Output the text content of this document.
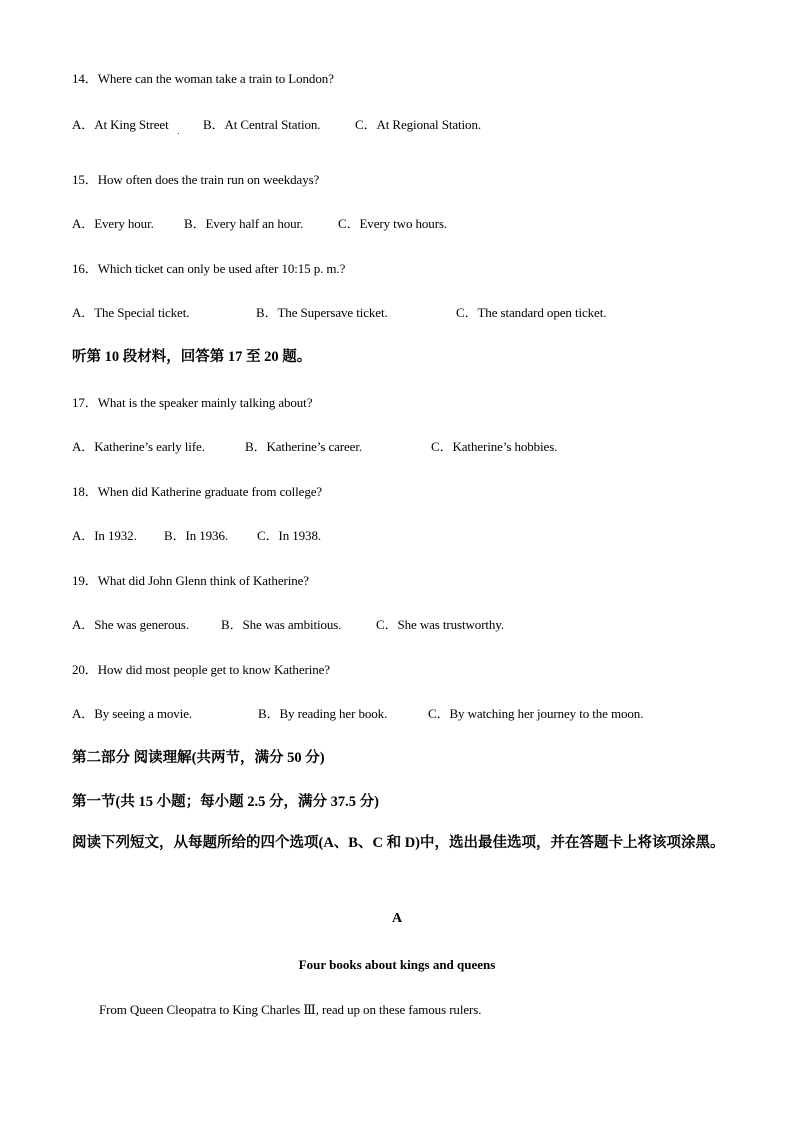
14．Where can the woman take a train to London?
A．At King Street	B．At Central Station.	C．At Regional Station.
15．How often does the train run on weekdays?
A．Every hour. B．Every half an hour.	C．Every two hours.
16．Which ticket can only be used after 10:15 p. m.?
A．The Special ticket.	B．The Supersave ticket.	C．The standard open ticket.
听第 10 段材料，回答第 17 至 20 题。
17．What is the speaker mainly talking about?
A．Katherine’s early life.	B．Katherine’s career.	C．Katherine’s hobbies.
18．When did Katherine graduate from college?
A．In 1932. B．In 1936. C．In 1938.
19．What did John Glenn think of Katherine?
A．She was generous. B．She was ambitious.	C．She was trustworthy.
20．How did most people get to know Katherine?
A．By seeing a movie.	B．By reading her book.	C．By watching her journey to the moon.
第二部分 阅读理解(共两节，满分 50 分)
第一节(共 15 小题；每小题 2.5 分，满分 37.5 分)
阅读下列短文，从每题所给的四个选项(A、B、C 和 D)中，选出最佳选项，并在答题卡上将该项涂黑。
A
Four books about kings and queens
From Queen Cleopatra to King Charles Ⅲ, read up on these famous rulers.
